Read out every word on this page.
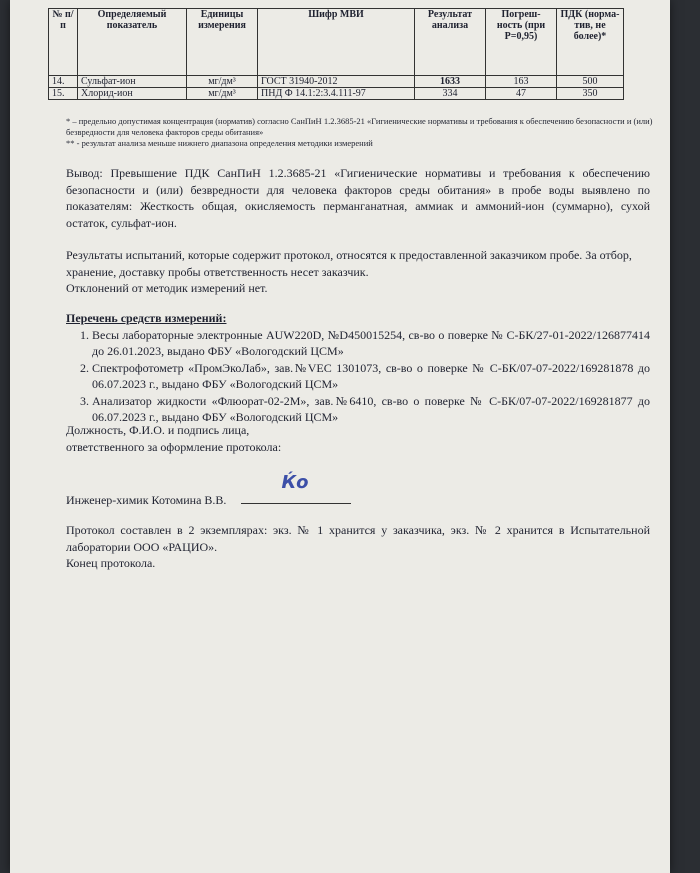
№ п/п	Определяемый показатель	Единицы измерения	Шифр МВИ	Результат анализа	Погреш- ность (при P=0,95)	ПДК (норма- тив, не более)*
14.	Сульфат-ион	мг/дм³	ГОСТ 31940-2012	1633	163	500
15.	Хлорид-ион	мг/дм³	ПНД Ф 14.1:2:3.4.111-97	334	47	350
* – предельно допустимая концентрация (норматив) согласно СанПиН 1.2.3685-21 «Гигиенические нормативы и требования к обеспечению безопасности и (или) безвредности для человека факторов среды обитания»
** - результат анализа меньше нижнего диапазона определения методики измерений
Вывод: Превышение ПДК СанПиН 1.2.3685-21 «Гигиенические нормативы и требования к обеспечению безопасности и (или) безвредности для человека факторов среды обитания» в пробе воды выявлено по показателям: Жесткость общая, окисляемость перманганатная, аммиак и аммоний-ион (суммарно), сухой остаток, сульфат-ион.
Результаты испытаний, которые содержит протокол, относятся к предоставленной заказчиком пробе. За отбор, хранение, доставку пробы ответственность несет заказчик.
Отклонений от методик измерений нет.
Перечень средств измерений:
1. Весы лабораторные электронные AUW220D, №D450015254, св-во о поверке № С-БК/27-01-2022/126877414 до 26.01.2023, выдано ФБУ «Вологодский ЦСМ»
2. Спектрофотометр «ПромЭкоЛаб», зав.№VEC 1301073, св-во о поверке № С-БК/07-07-2022/169281878 до 06.07.2023 г., выдано ФБУ «Вологодский ЦСМ»
3. Анализатор жидкости «Флюорат-02-2М», зав.№6410, св-во о поверке № С-БК/07-07-2022/169281877 до 06.07.2023 г., выдано ФБУ «Вологодский ЦСМ»
Должность, Ф.И.О. и подпись лица,
ответственного за оформление протокола:
Инженер-химик Котомина В.В.
Ќо
Протокол составлен в 2 экземплярах: экз. № 1 хранится у заказчика, экз. № 2 хранится в Испытательной лаборатории ООО «РАЦИО».
Конец протокола.
